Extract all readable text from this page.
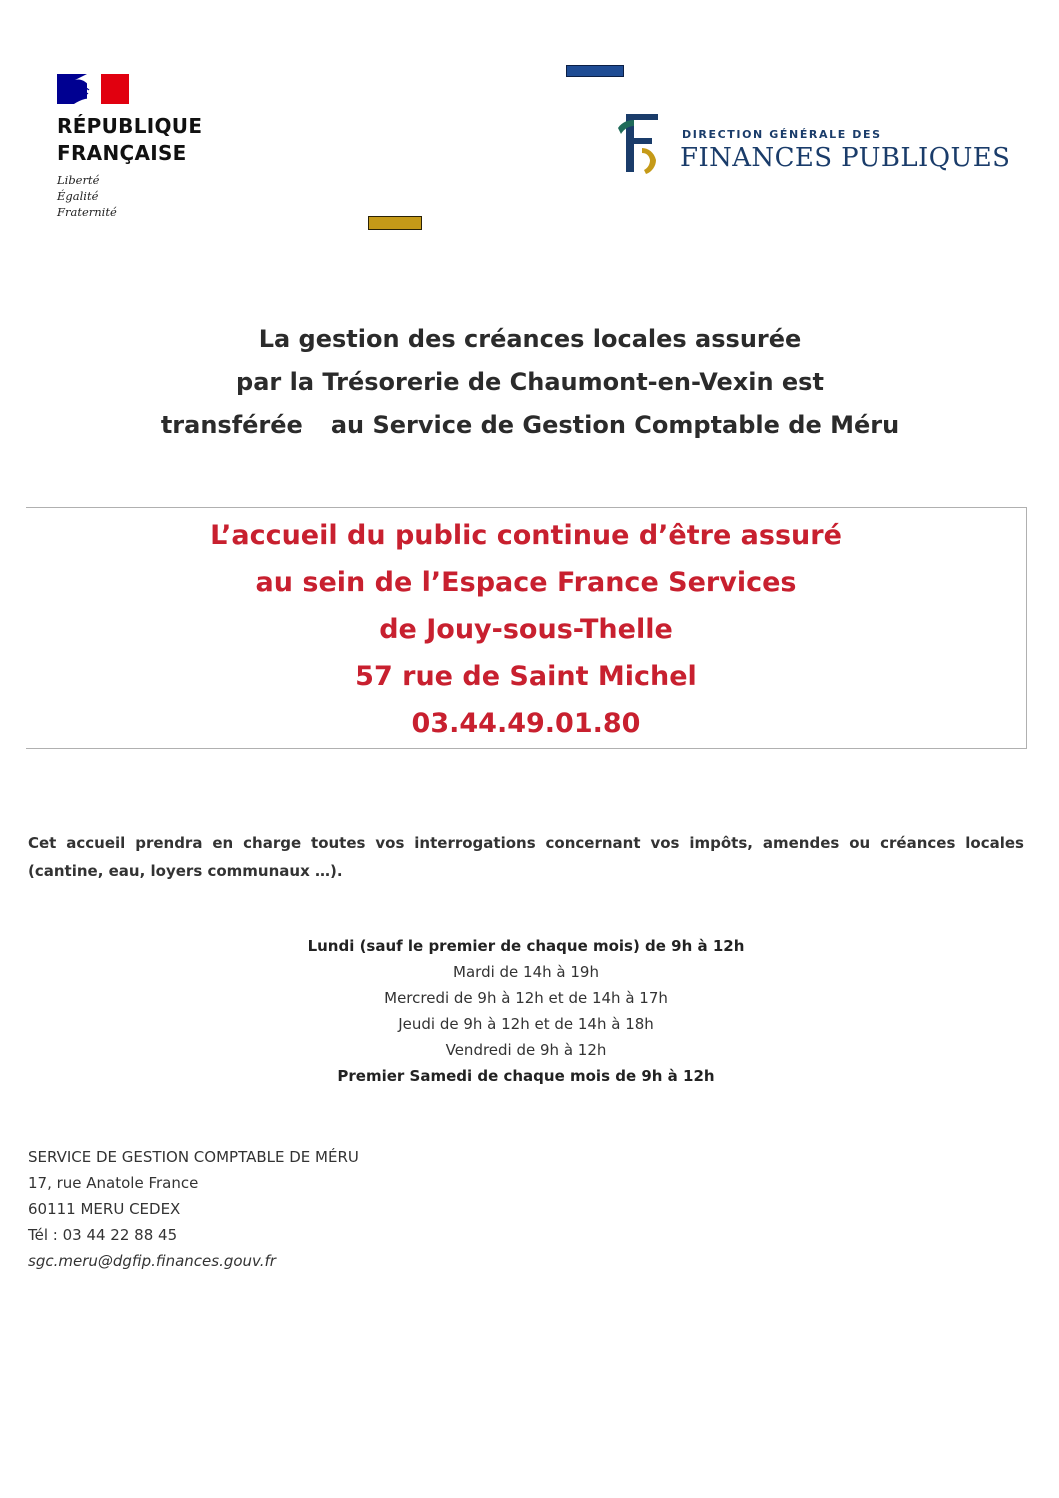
RÉPUBLIQUE
FRANÇAISE
Liberté
Égalité
Fraternité
DIRECTION GÉNÉRALE DES
FINANCES PUBLIQUES
La gestion des créances locales assurée
par la Trésorerie de Chaumont-en-Vexin est
transférée au Service de Gestion Comptable de Méru
L’accueil du public continue d’être assuré
au sein de l’Espace France Services
de Jouy-sous-Thelle
57 rue de Saint Michel
03.44.49.01.80
Cet accueil prendra en charge toutes vos interrogations concernant vos impôts, amendes ou créances locales (cantine, eau, loyers communaux …).
Lundi (sauf le premier de chaque mois) de 9h à 12h
Mardi de 14h à 19h
Mercredi de 9h à 12h et de 14h à 17h
Jeudi de 9h à 12h et de 14h à 18h
Vendredi de 9h à 12h
Premier Samedi de chaque mois de 9h à 12h
SERVICE DE GESTION COMPTABLE DE MÉRU
17, rue Anatole France
60111 MERU CEDEX
Tél : 03 44 22 88 45
sgc.meru@dgfip.finances.gouv.fr
